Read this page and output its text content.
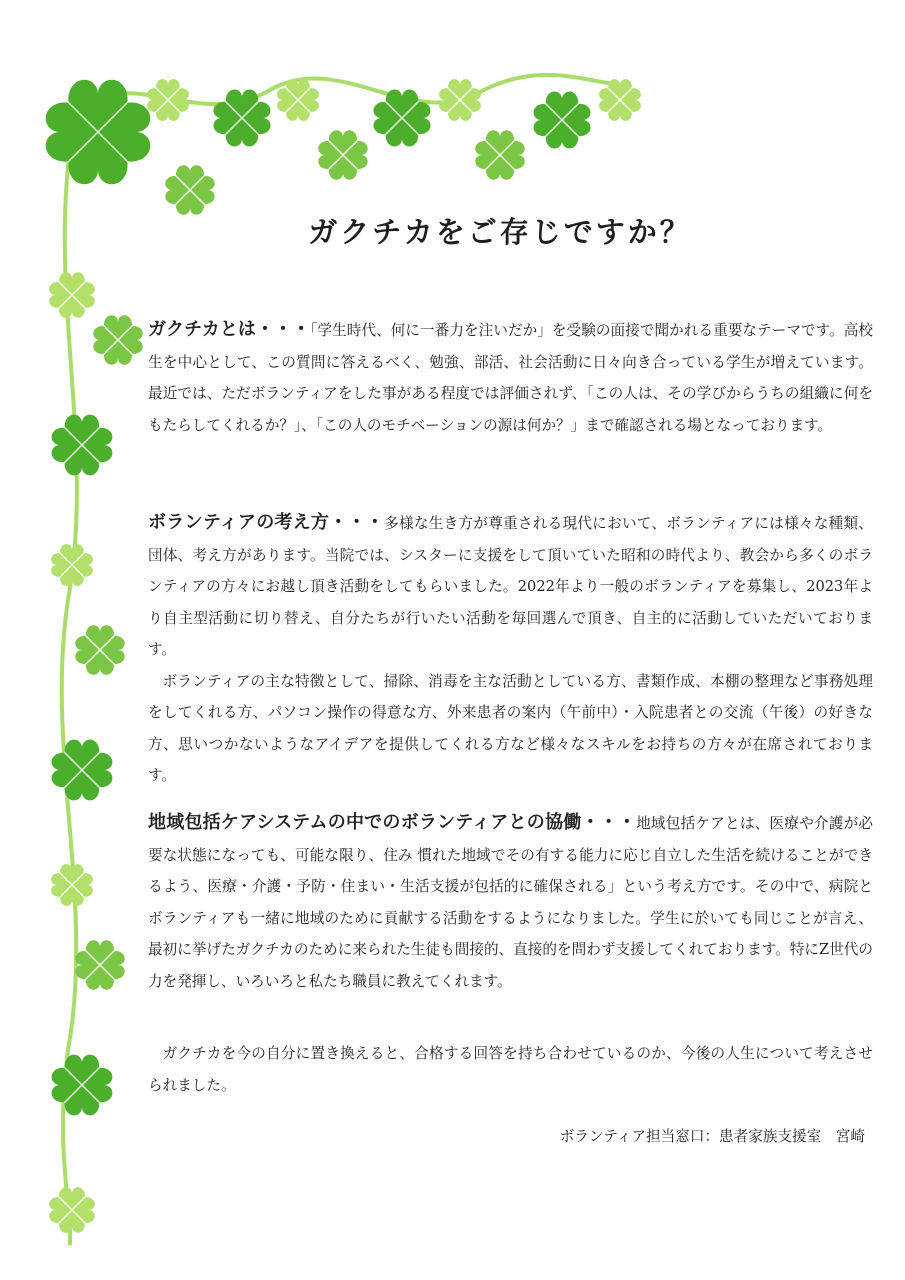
ガクチカをご存じですか？

ガクチカとは・・・「学生時代、何に一番力を注いだか」を受験の面接で聞かれる重要なテーマです。高校生を中心として、この質問に答えるべく、勉強、部活、社会活動に日々向き合っている学生が増えています。最近では、ただボランティアをした事がある程度では評価されず、「この人は、その学びからうちの組織に何をもたらしてくれるか？」、「この人のモチベーションの源は何か？」まで確認される場となっております。

ボランティアの考え方・・・多様な生き方が尊重される現代において、ボランティアには様々な種類、団体、考え方があります。当院では、シスターに支援をして頂いていた昭和の時代より、教会から多くのボランティアの方々にお越し頂き活動をしてもらいました。2022年より一般のボランティアを募集し、2023年より自主型活動に切り替え、自分たちが行いたい活動を毎回選んで頂き、自主的に活動していただいております。

ボランティアの主な特徴として、掃除、消毒を主な活動としている方、書類作成、本棚の整理など事務処理をしてくれる方、パソコン操作の得意な方、外来患者の案内（午前中）・入院患者との交流（午後）の好きな方、思いつかないようなアイデアを提供してくれる方など様々なスキルをお持ちの方々が在席されております。

地域包括ケアシステムの中でのボランティアとの協働・・・地域包括ケアとは、医療や介護が必要な状態になっても、可能な限り、住み 慣れた地域でその有する能力に応じ自立した生活を続けることができるよう、医療・介護・予防・住まい・生活支援が包括的に確保される」という考え方です。その中で、病院とボランティアも一緒に地域のために貢献する活動をするようになりました。学生に於いても同じことが言え、最初に挙げたガクチカのために来られた生徒も間接的、直接的を問わず支援してくれております。特にZ世代の力を発揮し、いろいろと私たち職員に教えてくれます。

ガクチカを今の自分に置き換えると、合格する回答を持ち合わせているのか、今後の人生について考えさせられました。

ボランティア担当窓口：患者家族支援室　宮崎
